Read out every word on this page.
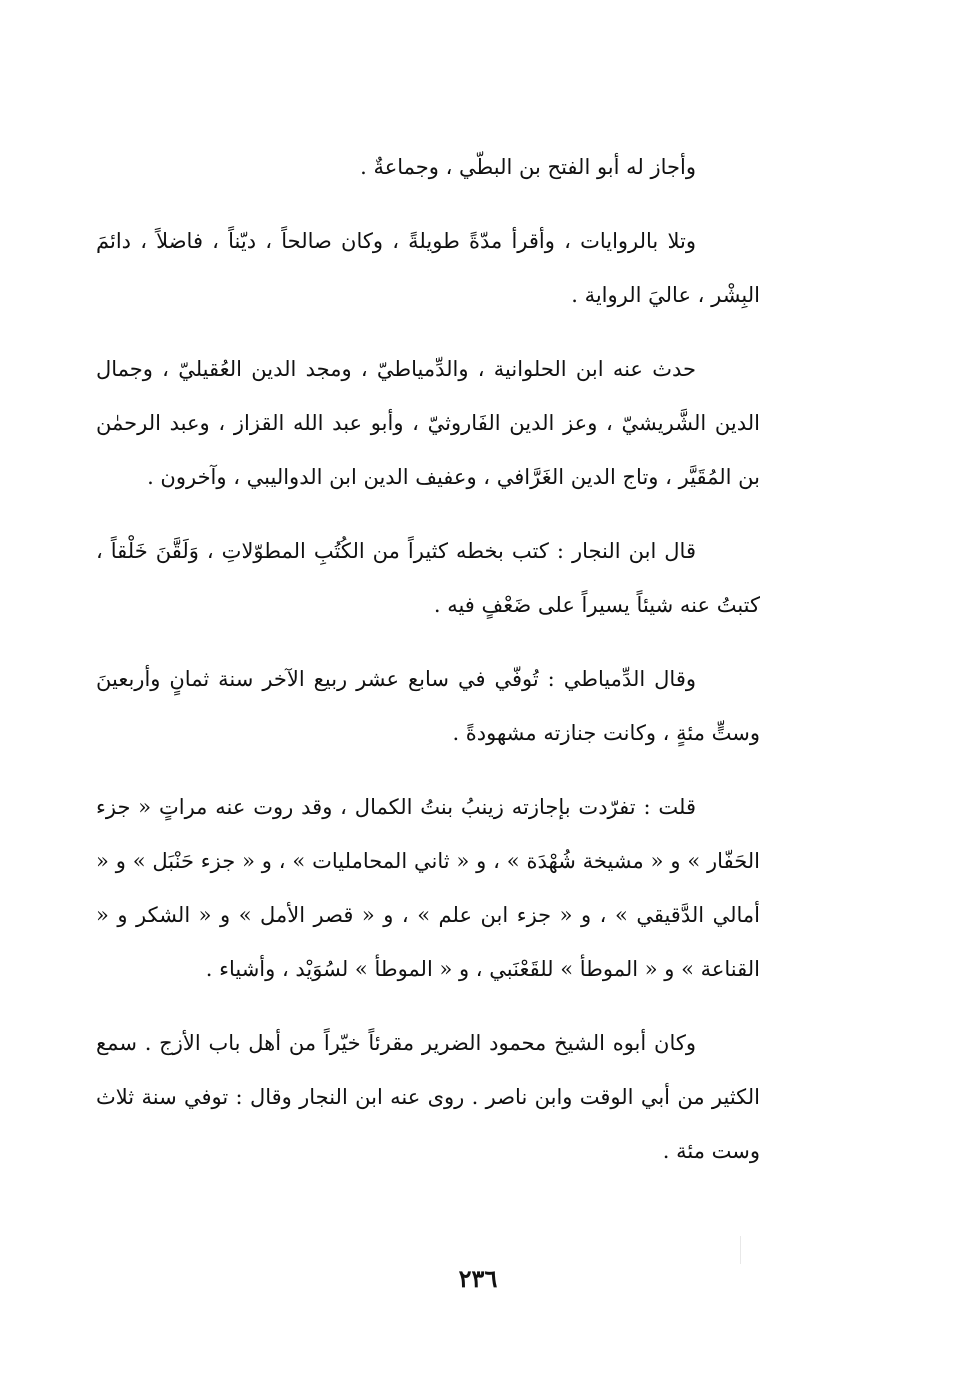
وأجاز له أبو الفتح بن البطّي ، وجماعةٌ .

وتلا بالروايات ، وأقرأ مدّةً طويلةً ، وكان صالحاً ، ديّناً ، فاضلاً ، دائمَ البِشْر ، عاليَ الرواية .

حدث عنه ابن الحلوانية ، والدِّمياطيّ ، ومجد الدين العُقيليّ ، وجمال الدين الشَّريشيّ ، وعز الدين الفَاروثيّ ، وأبو عبد الله القزاز ، وعبد الرحمٰن بن المُقَيَّر ، وتاج الدين الغَرَّافي ، وعفيف الدين ابن الدواليبي ، وآخرون .

قال ابن النجار : كتب بخطه كثيراً من الكُتُبِ المطوّلاتِ ، وَلَقَّنَ خَلْقاً ، كتبتُ عنه شيئاً يسيراً على ضَعْفٍ فيه .

وقال الدِّمياطي : تُوفّي في سابع عشر ربيع الآخر سنة ثمانٍ وأربعينَ وستٍّ مئةٍ ، وكانت جنازته مشهودةً .

قلت : تفرّدت بإجازته زينبُ بنتُ الكمال ، وقد روت عنه مراتٍ « جزء الحَفّار » و « مشيخة شُهْدَة » ، و « ثاني المحامليات » ، و « جزء حَنْبَل » و « أمالي الدَّقيقي » ، و « جزء ابن علم » ، و « قصر الأمل » و « الشكر و « القناعة » و « الموطأ » للقَعْنَبي ، و « الموطأ » لسُوَيْد ، وأشياء .

وكان أبوه الشيخ محمود الضرير مقرئاً خيّراً من أهل باب الأزج . سمع الكثير من أبي الوقت وابن ناصر . روى عنه ابن النجار وقال : توفي سنة ثلاث وست مئة .

٢٣٦
